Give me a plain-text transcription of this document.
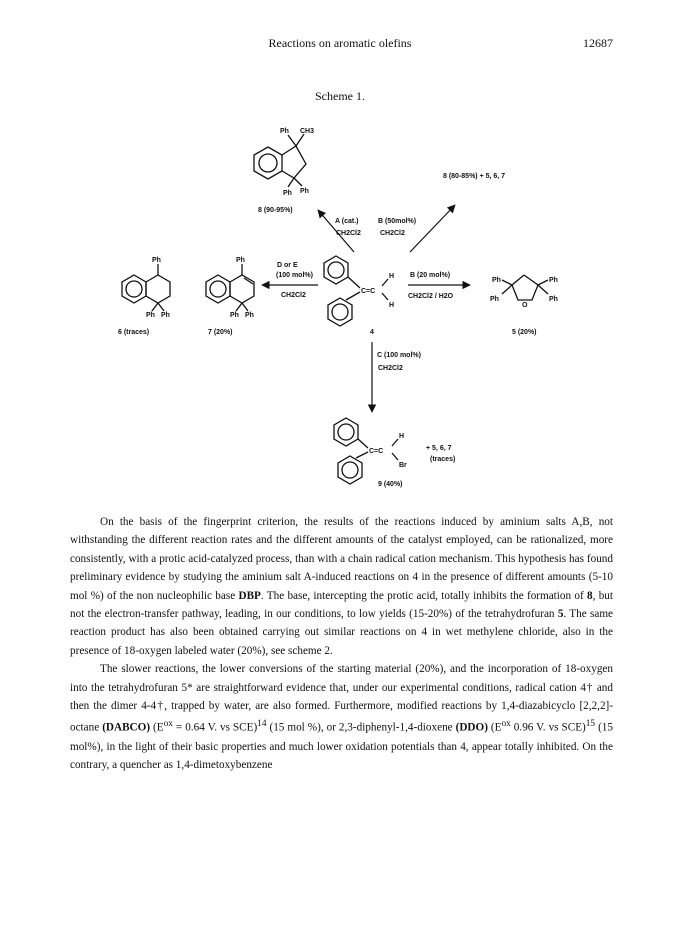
Reactions on aromatic olefins	12687
Scheme 1.
Ph CH3
Ph Ph
8 (90-95%)
8 (80-85%) + 5, 6, 7
A (cat.)
CH2Cl2
B (50mol%)
CH2Cl2
Ph
Ph Ph
6 (traces)
Ph
Ph Ph
7 (20%)
D or E
(100 mol%)
CH2Cl2
C=C
H
H
4
B (20 mol%)
CH2Cl2 / H2O
Ph	Ph
Ph	Ph
O
5 (20%)
C (100 mol%)
CH2Cl2
C=C
H
Br
+ 5, 6, 7
(traces)
9 (40%)

On the basis of the fingerprint criterion, the results of the reactions induced by aminium salts A,B, not withstanding the different reaction rates and the different amounts of the catalyst employed, can be rationalized, more consistently, with a protic acid-catalyzed process, than with a chain radical cation mechanism. This hypothesis has found preliminary evidence by studying the aminium salt A-induced reactions on 4 in the presence of different amounts (5-10 mol %) of the non nucleophilic base DBP. The base, intercepting the protic acid, totally inhibits the formation of 8, but not the electron-transfer pathway, leading, in our conditions, to low yields (15-20%) of the tetrahydrofuran 5. The same reaction product has also been obtained carrying out similar reactions on 4 in wet methylene chloride, also in the presence of 18-oxygen labeled water (20%), see scheme 2.

The slower reactions, the lower conversions of the starting material (20%), and the incorporation of 18-oxygen into the tetrahydrofuran 5* are straightforward evidence that, under our experimental conditions, radical cation 4† and then the dimer 4-4†, trapped by water, are also formed. Furthermore, modified reactions by 1,4-diazabicyclo [2,2,2]-octane (DABCO) ($E^{ox} = 0.64$ V. vs SCE)$^{14}$ (15 mol %), or 2,3-diphenyl-1,4-dioxene (DDO) ($E^{ox}$ 0.96 V. vs SCE)$^{15}$ (15 mol%), in the light of their basic properties and much lower oxidation potentials than 4, appear totally inhibited. On the contrary, a quencher as 1,4-dimetoxybenzene
